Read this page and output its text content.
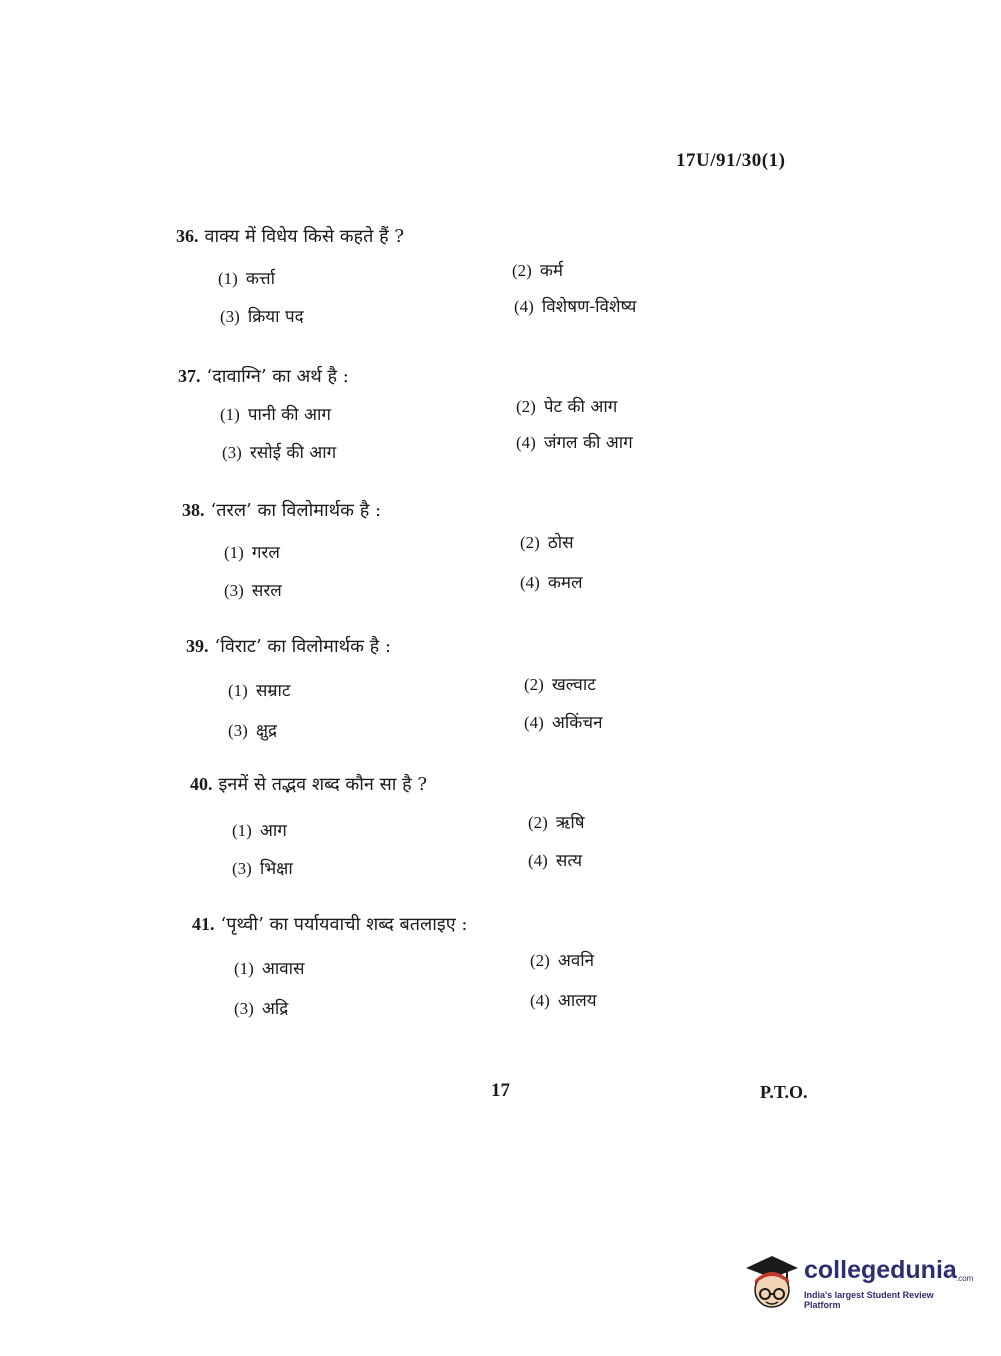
17U/91/30(1)
36. वाक्य में विधेय किसे कहते हैं ?
(1) कर्त्ता	(2) कर्म
(3) क्रिया पद
(4) विशेषण-विशेष्य
37. ‘दावाग्नि’ का अर्थ है :
(1) पानी की आग	(2) पेट की आग
(3) रसोई की आग
(4) जंगल की आग
38. ‘तरल’ का विलोमार्थक है :
(1) गरल
(2) ठोस
(3) सरल	(4) कमल
39. ‘विराट’ का विलोमार्थक है :
(1) सम्राट	(2) खल्वाट
(3) क्षुद्र	(4) अकिंचन
40. इनमें से तद्भव शब्द कौन सा है ?
(1) आग	(2) ऋषि
(3) भिक्षा	(4) सत्य
41. ‘पृथ्वी’ का पर्यायवाची शब्द बतलाइए :
(1) आवास	(2) अवनि
(3) अद्रि	(4) आलय
17	P.T.O.
collegedunia .com
India's largest Student Review Platform
